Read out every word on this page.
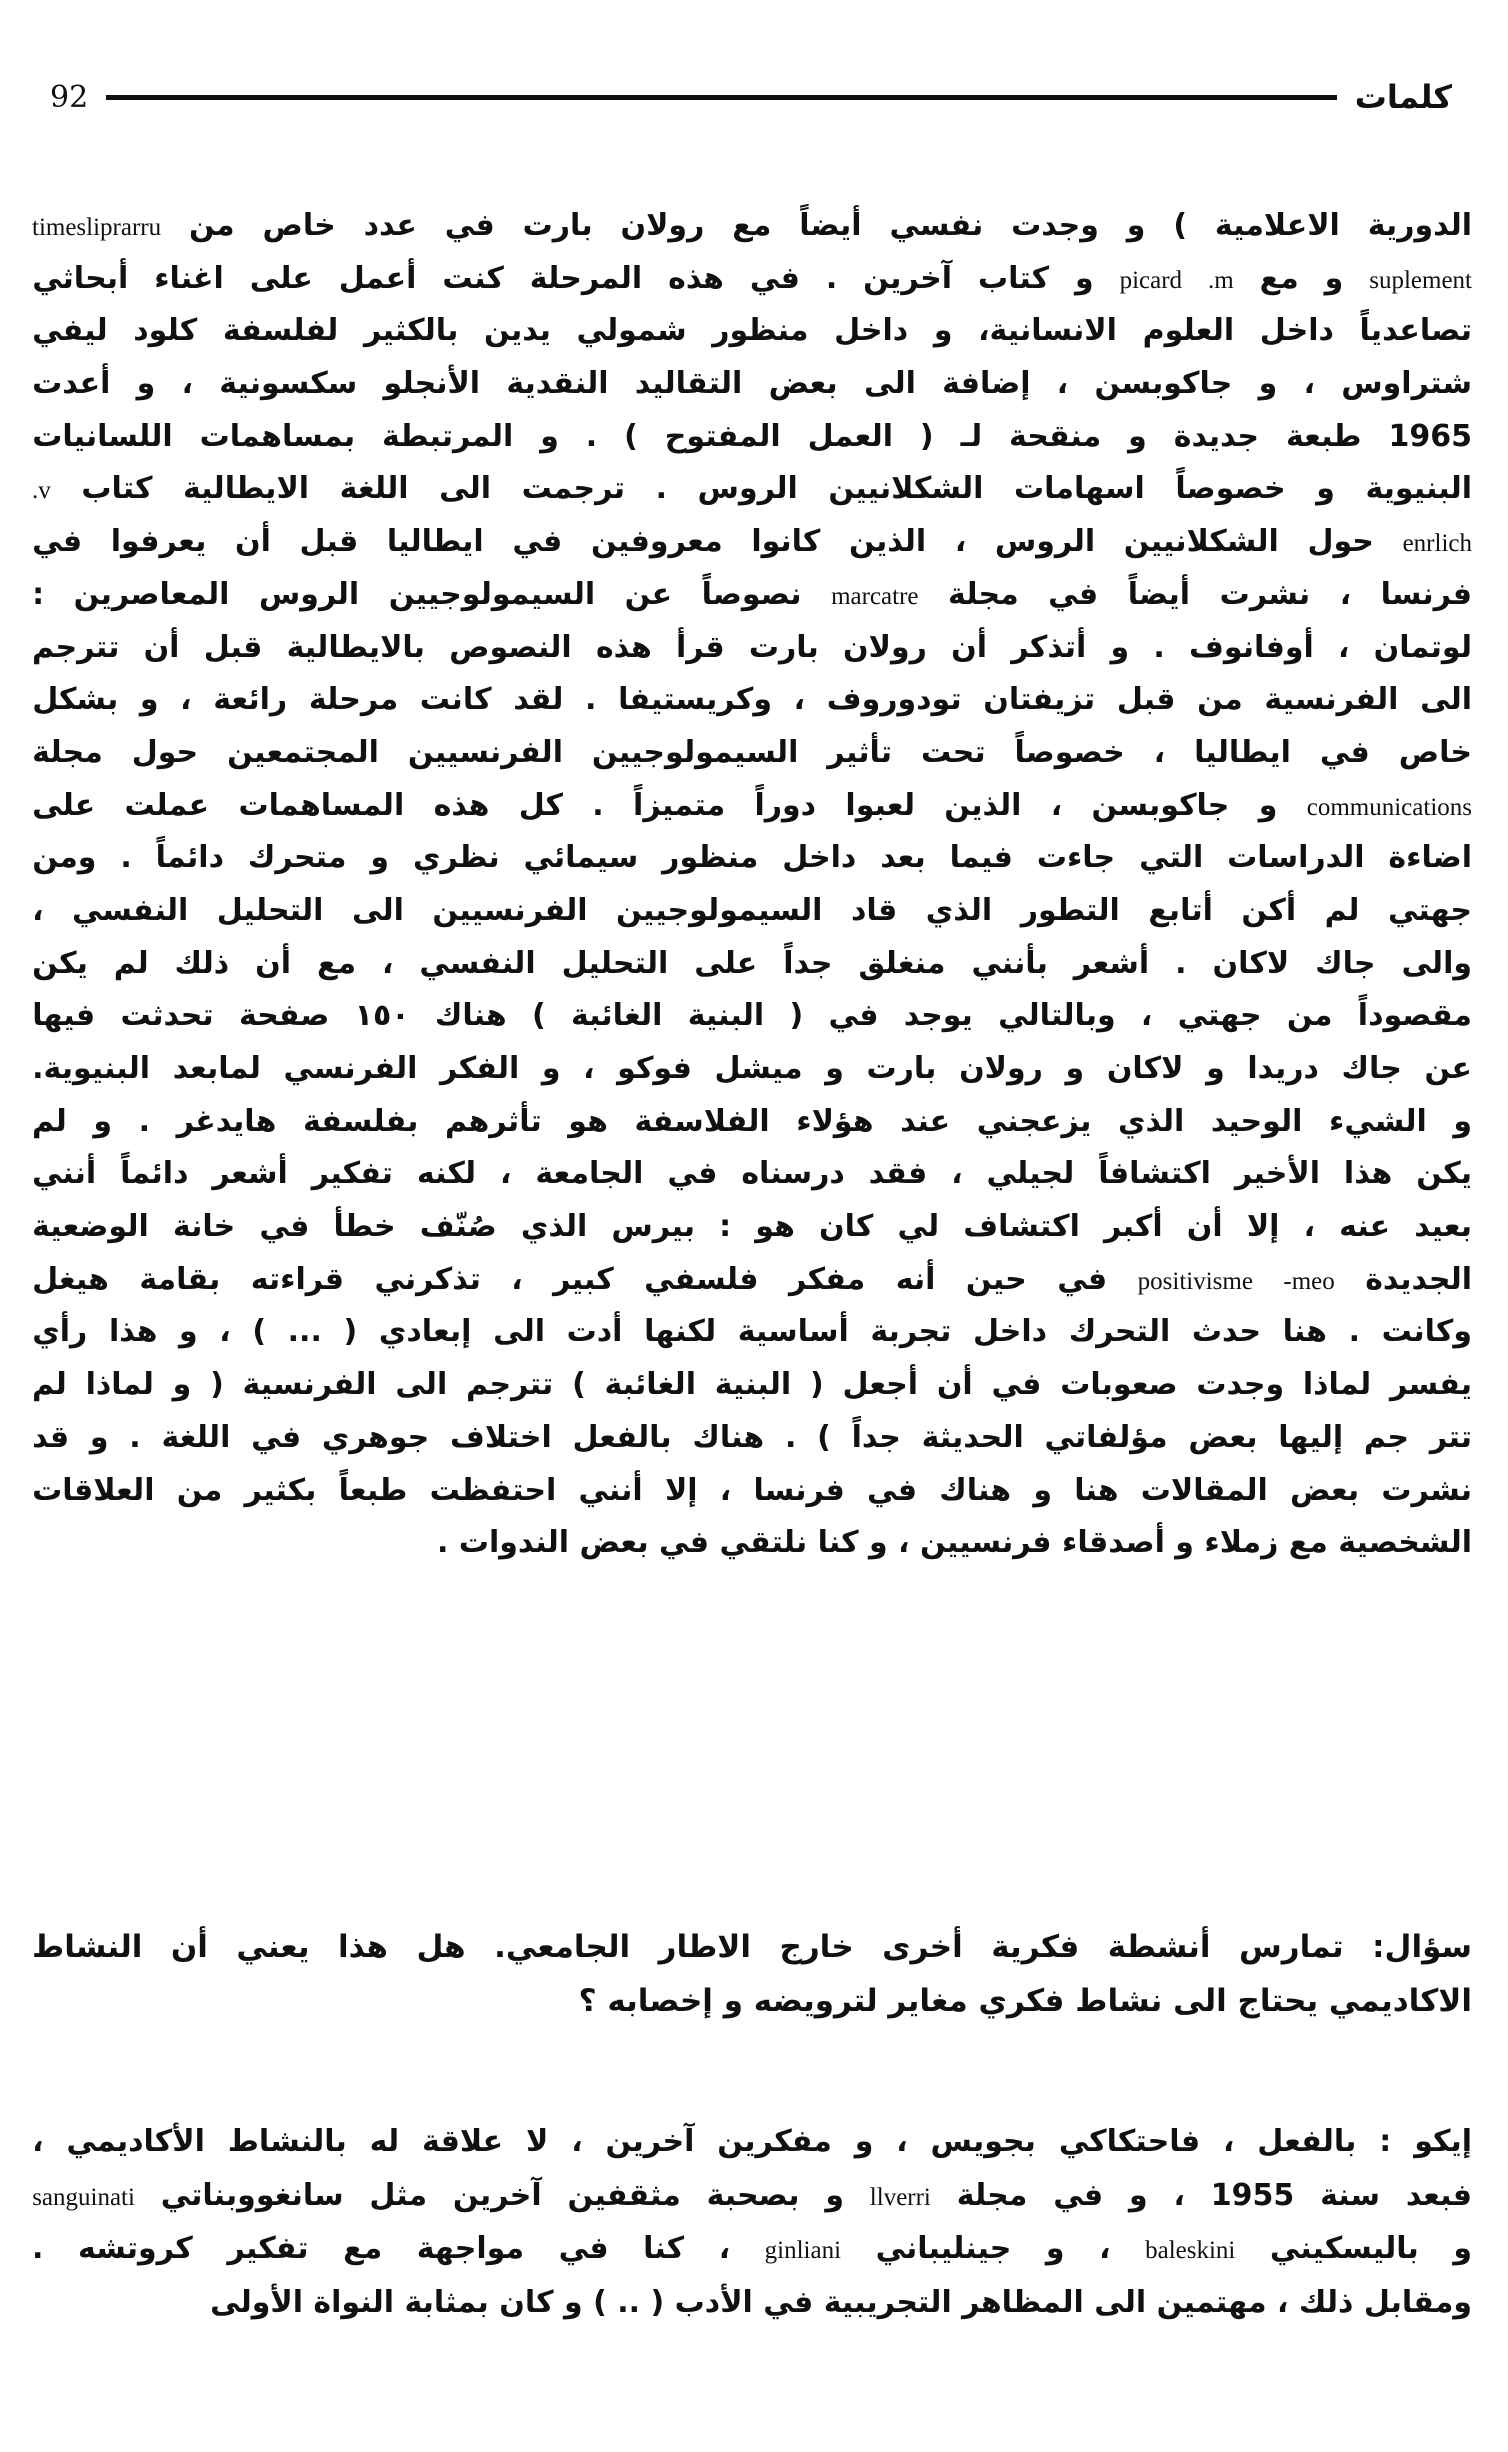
92	كلمات
الدورية
الاعلامية
)
و
وجدت
نفسي
أيضاً
مع
رولان
بارت
في
عدد
خاص
من
timesliprarru
suplement
و
مع
m.
picard
و
كتاب
آخرين
.
في
هذه
المرحلة
كنت
أعمل
على
اغناء
أبحاثي
تصاعدياً
داخل
العلوم
الانسانية،
و
داخل
منظور
شمولي
يدين
بالكثير
لفلسفة
كلود
ليفي
شتراوس
،
و
جاكوبسن
،
إضافة
الى
بعض
التقاليد
النقدية
الأنجلو
سكسونية
،
و
أعدت
1965
طبعة
جديدة
و
منقحة
لـ
(
العمل
المفتوح
)
.
و
المرتبطة
بمساهمات
اللسانيات
البنيوية
و
خصوصاً
اسهامات
الشكلانيين
الروس
.
ترجمت
الى
اللغة
الايطالية
كتاب
v.
enrlich
حول
الشكلانيين
الروس
،
الذين
كانوا
معروفين
في
ايطاليا
قبل
أن
يعرفوا
في
فرنسا
،
نشرت
أيضاً
في
مجلة
marcatre
نصوصاً
عن
السيمولوجيين
الروس
المعاصرين
:
لوتمان
،
أوفانوف
.
و
أتذكر
أن
رولان
بارت
قرأ
هذه
النصوص
بالايطالية
قبل
أن
تترجم
الى
الفرنسية
من
قبل
تزيفتان
تودوروف
،
وكريستيفا
.
لقد
كانت
مرحلة
رائعة
،
و
بشكل
خاص
في
ايطاليا
،
خصوصاً
تحت
تأثير
السيمولوجيين
الفرنسيين
المجتمعين
حول
مجلة
communications
و
جاكوبسن
،
الذين
لعبوا
دوراً
متميزاً
.
كل
هذه
المساهمات
عملت
على
اضاءة
الدراسات
التي
جاءت
فيما
بعد
داخل
منظور
سيمائي
نظري
و
متحرك
دائماً
.
ومن
جهتي
لم
أكن
أتابع
التطور
الذي
قاد
السيمولوجيين
الفرنسيين
الى
التحليل
النفسي
،
والى
جاك
لاكان
.
أشعر
بأنني
منغلق
جداً
على
التحليل
النفسي
،
مع
أن
ذلك
لم
يكن
مقصوداً
من
جهتي
،
وبالتالي
يوجد
في
(
البنية
الغائبة
)
هناك
١٥٠
صفحة
تحدثت
فيها
عن
جاك
دريدا
و
لاكان
و
رولان
بارت
و
ميشل
فوكو
،
و
الفكر
الفرنسي
لمابعد
البنيوية.
و
الشيء
الوحيد
الذي
يزعجني
عند
هؤلاء
الفلاسفة
هو
تأثرهم
بفلسفة
هايدغر
.
و
لم
يكن
هذا
الأخير
اكتشافاً
لجيلي
،
فقد
درسناه
في
الجامعة
،
لكنه
تفكير
أشعر
دائماً
أنني
بعيد
عنه
،
إلا
أن
أكبر
اكتشاف
لي
كان
هو
:
بيرس
الذي
صُنّف
خطأ
في
خانة
الوضعية
الجديدة
meo-
positivisme
في
حين
أنه
مفكر
فلسفي
كبير
،
تذكرني
قراءته
بقامة
هيغل
وكانت
.
هنا
حدث
التحرك
داخل
تجربة
أساسية
لكنها
أدت
الى
إبعادي
(
...
)
،
و
هذا
رأي
يفسر
لماذا
وجدت
صعوبات
في
أن
أجعل
(
البنية
الغائبة
)
تترجم
الى
الفرنسية
(
و
لماذا
لم
تتر
جم
إليها
بعض
مؤلفاتي
الحديثة
جداً
)
.
هناك
بالفعل
اختلاف
جوهري
في
اللغة
.
و
قد
نشرت
بعض
المقالات
هنا
و
هناك
في
فرنسا
،
إلا
أنني
احتفظت
طبعاً
بكثير
من
العلاقات
الشخصية مع زملاء و أصدقاء فرنسيين ، و كنا نلتقي في بعض الندوات .
سؤال:
تمارس
أنشطة
فكرية
أخرى
خارج
الاطار
الجامعي.
هل
هذا
يعني
أن
النشاط
الاكاديمي يحتاج الى نشاط فكري مغاير لترويضه و إخصابه ؟
إيكو
:
بالفعل
،
فاحتكاكي
بجويس
،
و
مفكرين
آخرين
،
لا
علاقة
له
بالنشاط
الأكاديمي
،
فبعد
سنة
1955
،
و
في
مجلة
llverri
و
بصحبة
مثقفين
آخرين
مثل
سانغووبناتي
sanguinati
و
باليسكيني
baleskini
،
و
جينليباني
ginliani
،
كنا
في
مواجهة
مع
تفكير
كروتشه
.
ومقابل ذلك ، مهتمين الى المظاهر التجريبية في الأدب ( .. ) و كان بمثابة النواة الأولى
